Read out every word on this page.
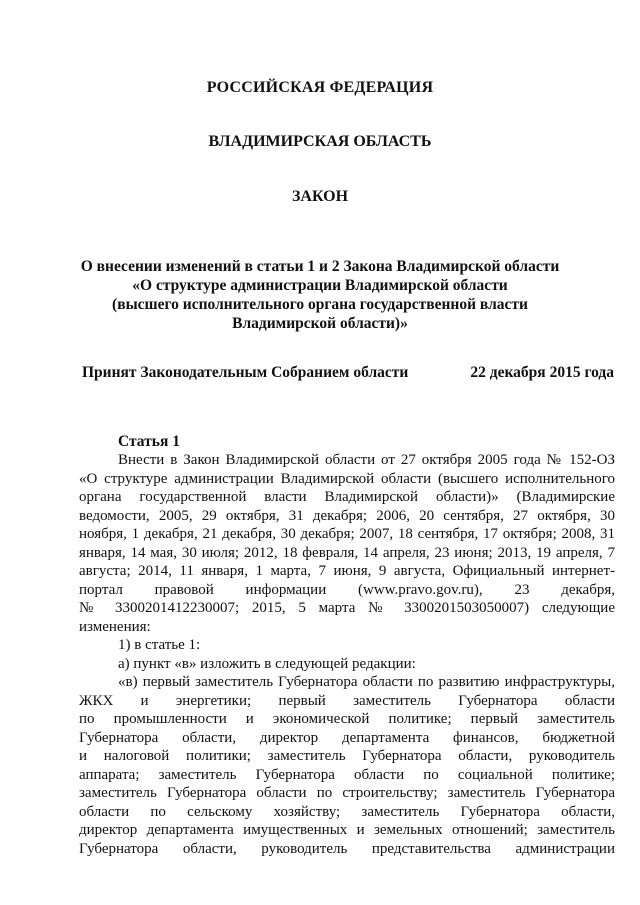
РОССИЙСКАЯ ФЕДЕРАЦИЯ
ВЛАДИМИРСКАЯ ОБЛАСТЬ
ЗАКОН
О внесении изменений в статьи 1 и 2 Закона Владимирской области
«О структуре администрации Владимирской области
(высшего исполнительного органа государственной власти
Владимирской области)»
Принят Законодательным Собранием области	22 декабря 2015 года
Статья 1
Внести в Закон Владимирской области от 27 октября 2005 года № 152-ОЗ
«О структуре администрации Владимирской области (высшего исполнительного
органа государственной власти Владимирской области)» (Владимирские
ведомости, 2005, 29 октября, 31 декабря; 2006, 20 сентября, 27 октября, 30
ноября, 1 декабря, 21 декабря, 30 декабря; 2007, 18 сентября, 17 октября; 2008, 31
января, 14 мая, 30 июля; 2012, 18 февраля, 14 апреля, 23 июня; 2013, 19 апреля, 7
августа; 2014, 11 января, 1 марта, 7 июня, 9 августа, Официальный интернет-
портал правовой информации (www.pravo.gov.ru), 23 декабря,
№ 3300201412230007; 2015, 5 марта № 3300201503050007) следующие
изменения:
1) в статье 1:
а) пункт «в» изложить в следующей редакции:
«в) первый заместитель Губернатора области по развитию инфраструктуры,
ЖКХ и энергетики; первый заместитель Губернатора области
по промышленности и экономической политике; первый заместитель
Губернатора области, директор департамента финансов, бюджетной
и налоговой политики; заместитель Губернатора области, руководитель
аппарата; заместитель Губернатора области по социальной политике;
заместитель Губернатора области по строительству; заместитель Губернатора
области по сельскому хозяйству; заместитель Губернатора области,
директор департамента имущественных и земельных отношений; заместитель
Губернатора области, руководитель представительства администрации
